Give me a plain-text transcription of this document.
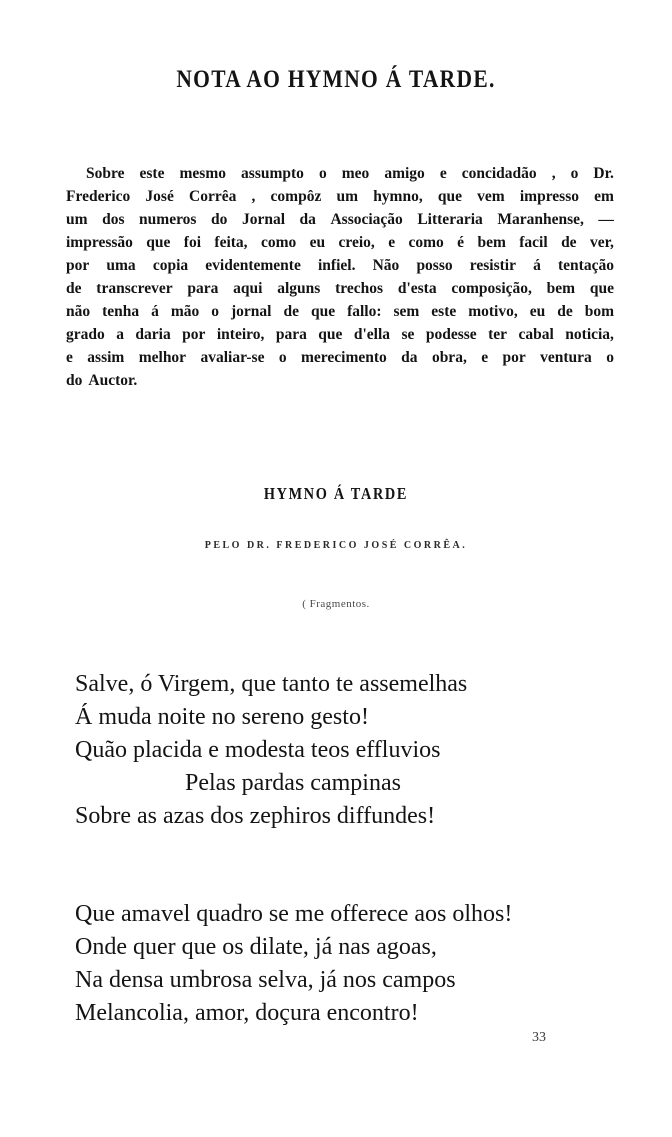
NOTA AO HYMNO Á TARDE.
Sobre este mesmo assumpto o meo amigo e concidadão , o Dr.
Frederico José Corrêa , compôz um hymno, que vem impresso em
um dos numeros do Jornal da Associação Litteraria Maranhense, —
impressão que foi feita, como eu creio, e como é bem facil de ver,
por uma copia evidentemente infiel. Não posso resistir á tentação
de transcrever para aqui alguns trechos d'esta composição, bem que
não tenha á mão o jornal de que fallo: sem este motivo, eu de bom
grado a daria por inteiro, para que d'ella se podesse ter cabal noticia,
e assim melhor avaliar-se o merecimento da obra, e por ventura o
do Auctor.
HYMNO Á TARDE
PELO DR. FREDERICO JOSÉ CORRÊA.
( Fragmentos.
Salve, ó Virgem, que tanto te assemelhas
Á muda noite no sereno gesto!
Quão placida e modesta teos effluvios
Pelas pardas campinas
Sobre as azas dos zephiros diffundes!
Que amavel quadro se me offerece aos olhos!
Onde quer que os dilate, já nas agoas,
Na densa umbrosa selva, já nos campos
Melancolia, amor, doçura encontro!
33
